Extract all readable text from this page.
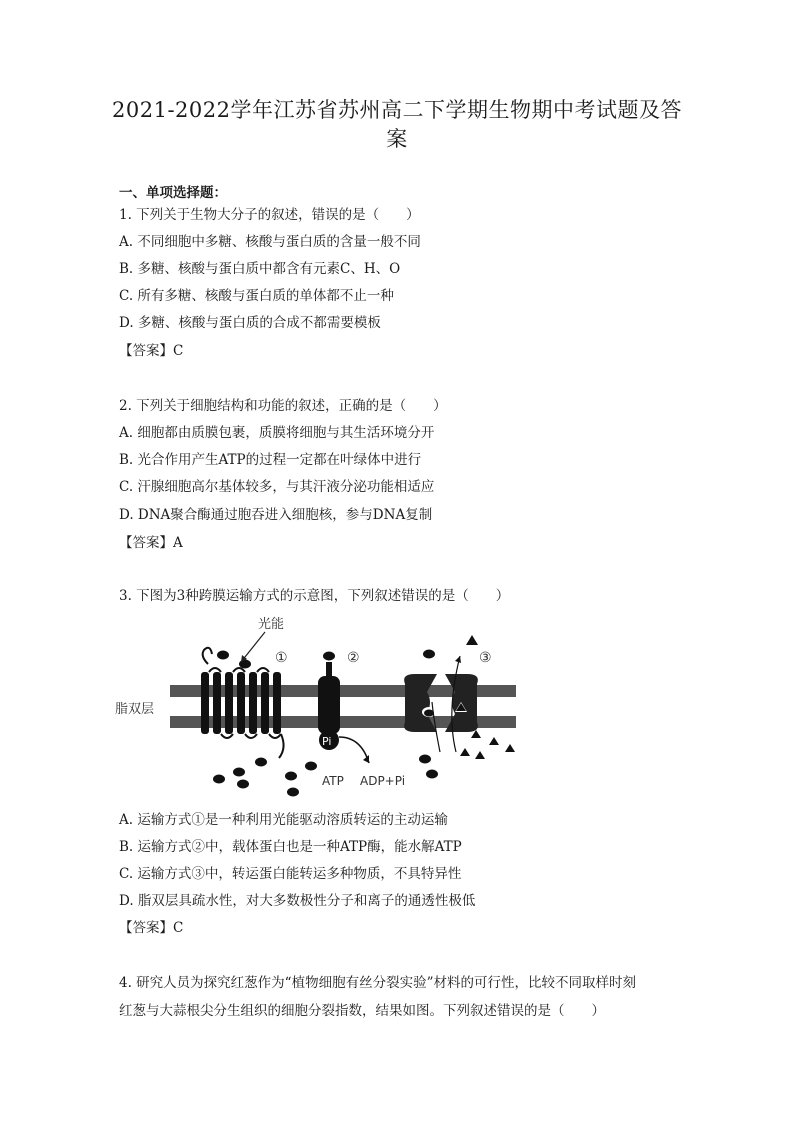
2021-2022学年江苏省苏州高二下学期生物期中考试题及答案
一、单项选择题：
1. 下列关于生物大分子的叙述，错误的是（　　）
A. 不同细胞中多糖、核酸与蛋白质的含量一般不同
B. 多糖、核酸与蛋白质中都含有元素C、H、O
C. 所有多糖、核酸与蛋白质的单体都不止一种
D. 多糖、核酸与蛋白质的合成不都需要模板
【答案】C
2. 下列关于细胞结构和功能的叙述，正确的是（　　）
A. 细胞都由质膜包裹，质膜将细胞与其生活环境分开
B. 光合作用产生ATP的过程一定都在叶绿体中进行
C. 汗腺细胞高尔基体较多，与其汗液分泌功能相适应
D. DNA聚合酶通过胞吞进入细胞核，参与DNA复制
【答案】A
3. 下图为3种跨膜运输方式的示意图，下列叙述错误的是（　　）
脂双层
光能
①
Pi
ATP ADP+Pi
②	③
A. 运输方式①是一种利用光能驱动溶质转运的主动运输
B. 运输方式②中，载体蛋白也是一种ATP酶，能水解ATP
C. 运输方式③中，转运蛋白能转运多种物质，不具特异性
D. 脂双层具疏水性，对大多数极性分子和离子的通透性极低
【答案】C
4. 研究人员为探究红葱作为“植物细胞有丝分裂实验”材料的可行性，比较不同取样时刻
红葱与大蒜根尖分生组织的细胞分裂指数，结果如图。下列叙述错误的是（　　）
